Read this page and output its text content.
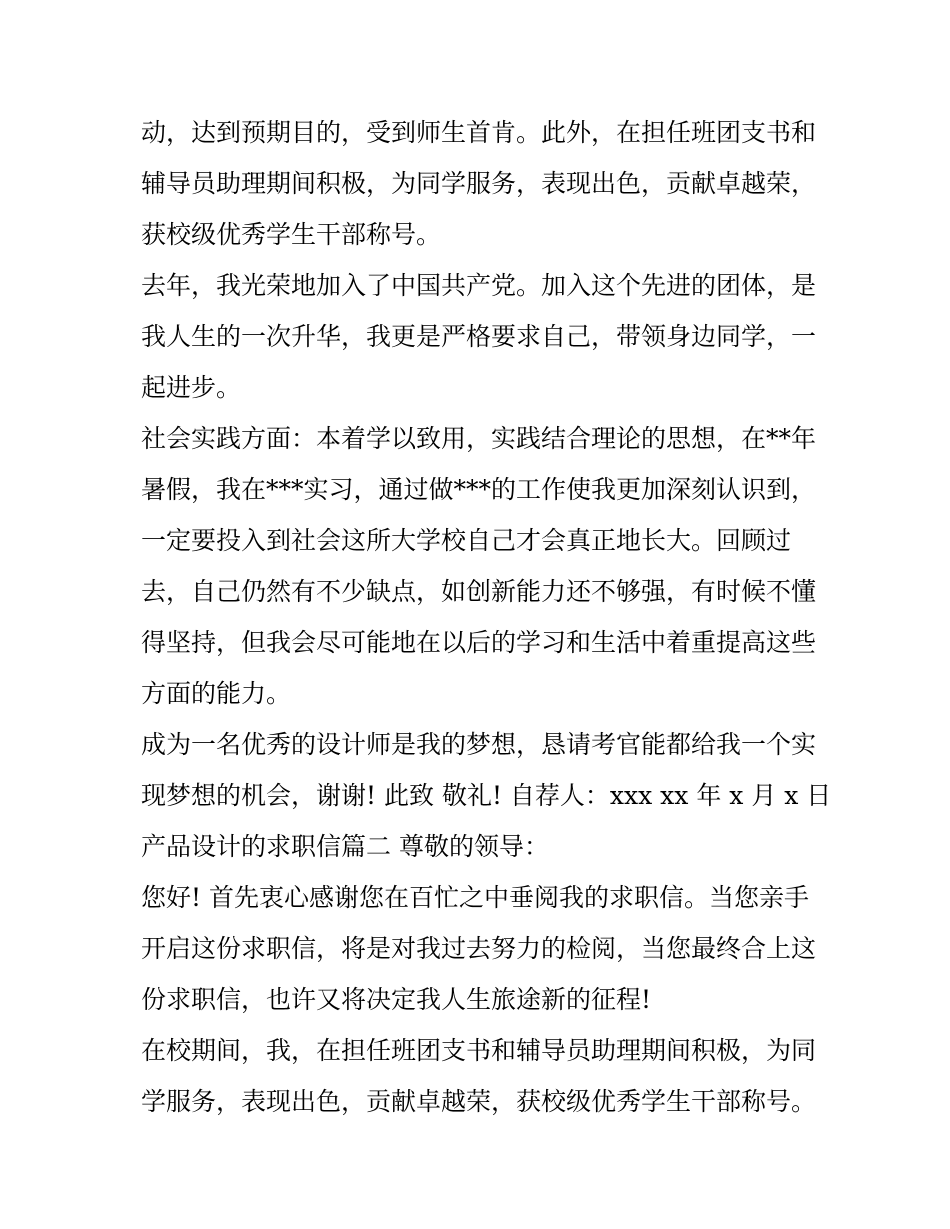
动，达到预期目的，受到师生首肯。此外，在担任班团支书和
辅导员助理期间积极，为同学服务，表现出色，贡献卓越荣，
获校级优秀学生干部称号。
去年，我光荣地加入了中国共产党。加入这个先进的团体，是
我人生的一次升华，我更是严格要求自己，带领身边同学，一
起进步。
社会实践方面：本着学以致用，实践结合理论的思想，在**年
暑假，我在***实习，通过做***的工作使我更加深刻认识到，
一定要投入到社会这所大学校自己才会真正地长大。回顾过
去，自己仍然有不少缺点，如创新能力还不够强，有时候不懂
得坚持，但我会尽可能地在以后的学习和生活中着重提高这些
方面的能力。
成为一名优秀的设计师是我的梦想，恳请考官能都给我一个实
现梦想的机会，谢谢! 此致 敬礼! 自荐人：xxx xx 年 x 月 x 日
产品设计的求职信篇二 尊敬的领导：
您好! 首先衷心感谢您在百忙之中垂阅我的求职信。当您亲手
开启这份求职信，将是对我过去努力的检阅，当您最终合上这
份求职信，也许又将决定我人生旅途新的征程!
在校期间，我，在担任班团支书和辅导员助理期间积极，为同
学服务，表现出色，贡献卓越荣，获校级优秀学生干部称号。
